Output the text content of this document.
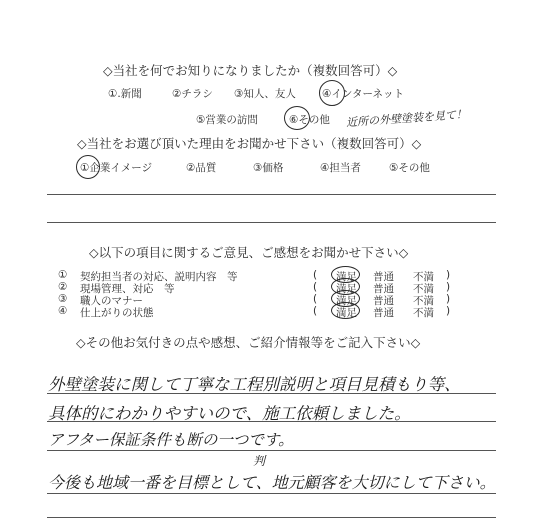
◇当社を何でお知りになりましたか（複数回答可）◇
①.新聞	②チラシ ③知人、友人 ④インターネット
⑤営業の訪問	⑥その他 近所の外壁塗装を見て！
◇当社をお選び頂いた理由をお聞かせ下さい（複数回答可）◇
①企業イメージ	②品質	③価格	④担当者	⑤その他
◇以下の項目に関するご意見、ご感想をお聞かせ下さい◇
① 契約担当者の対応、説明内容　等	( 満足 普通 不満 )
② 現場管理、対応　等	( 満足 普通 不満 )
③ 職人のマナー	( 満足 普通 不満 )
④ 仕上がりの状態	( 満足 普通 不満 )
◇その他お気付きの点や感想、ご紹介情報等をご記入下さい◇
外壁塗装に関して丁寧な工程別説明と項目見積もり等、
具体的にわかりやすいので、施工依頼しました。
アフター保証条件も断の一つです。
判
今後も地域一番を目標として、地元顧客を大切にして下さい。
